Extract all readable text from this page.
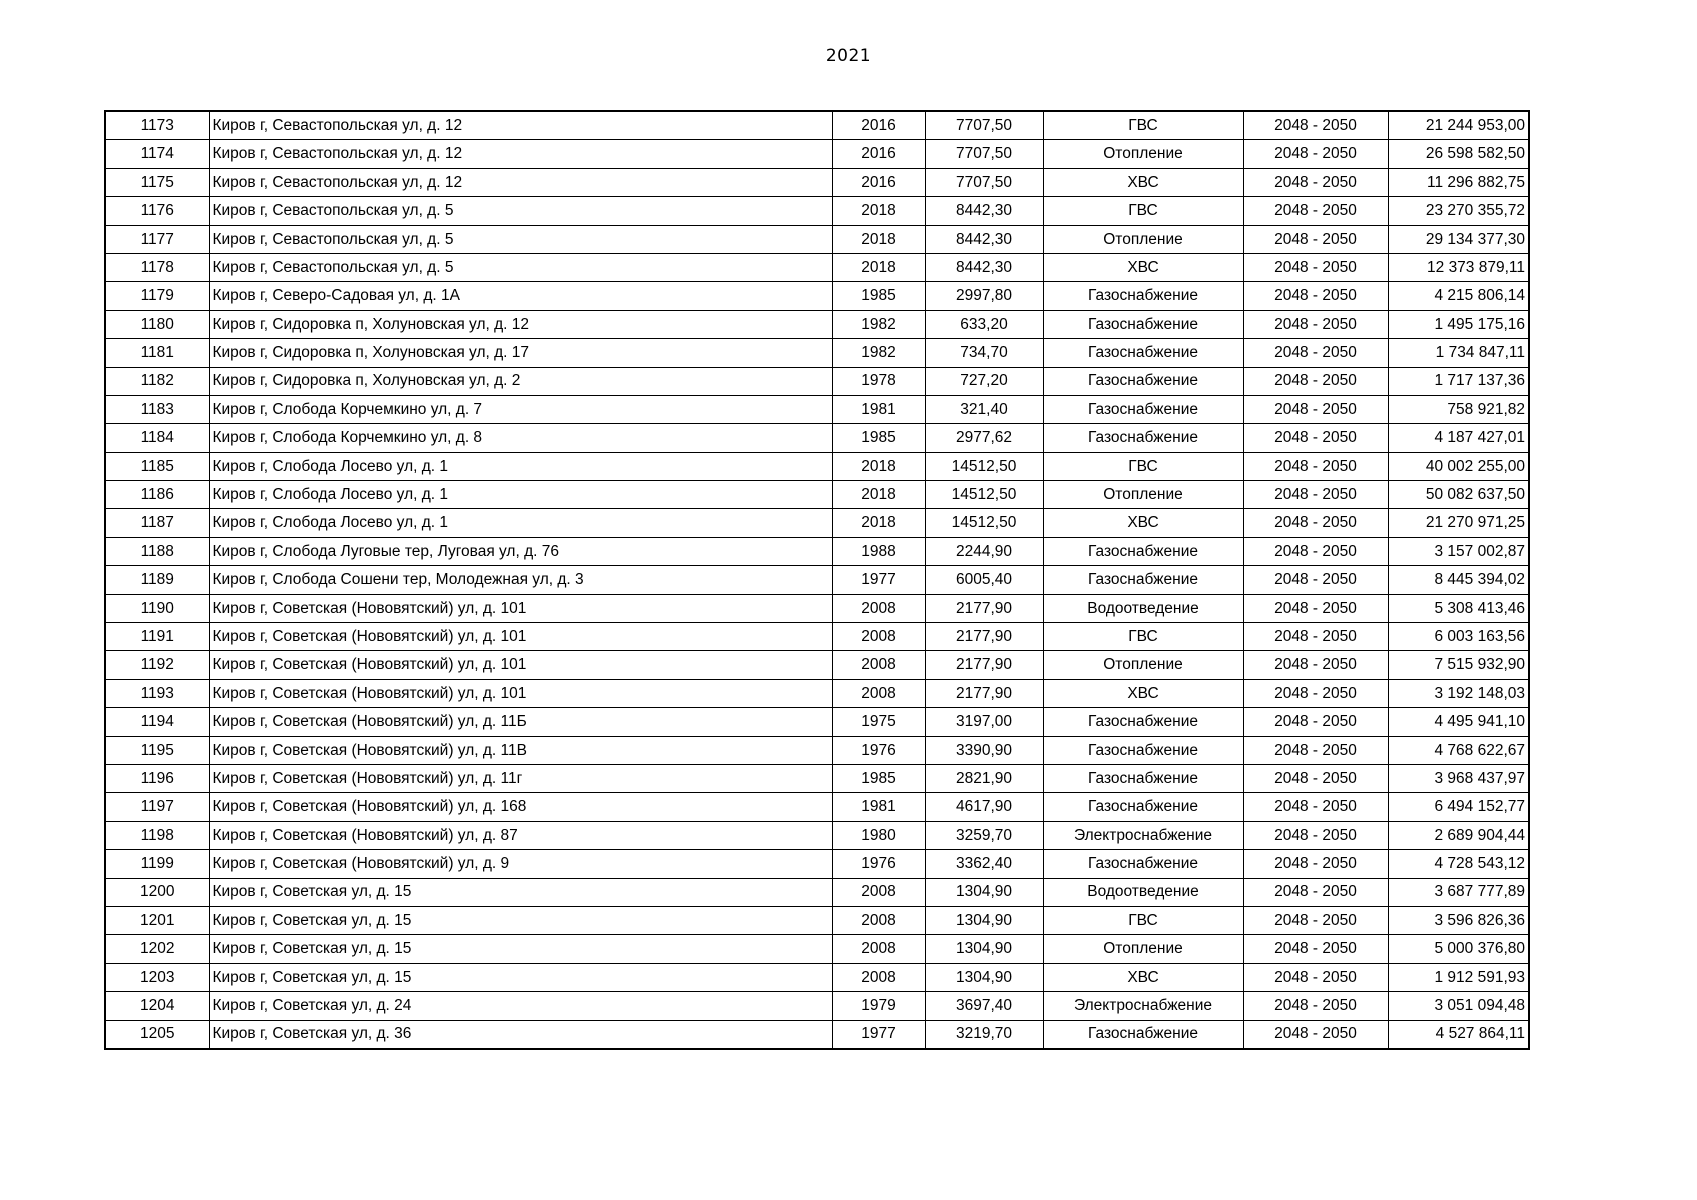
2021
1173	Киров г, Севастопольская ул, д. 12	2016	7707,50	ГВС	2048 - 2050	21 244 953,00
1174	Киров г, Севастопольская ул, д. 12	2016	7707,50	Отопление	2048 - 2050	26 598 582,50
1175	Киров г, Севастопольская ул, д. 12	2016	7707,50	ХВС	2048 - 2050	11 296 882,75
1176	Киров г, Севастопольская ул, д. 5	2018	8442,30	ГВС	2048 - 2050	23 270 355,72
1177	Киров г, Севастопольская ул, д. 5	2018	8442,30	Отопление	2048 - 2050	29 134 377,30
1178	Киров г, Севастопольская ул, д. 5	2018	8442,30	ХВС	2048 - 2050	12 373 879,11
1179	Киров г, Северо-Садовая ул, д. 1А	1985	2997,80	Газоснабжение	2048 - 2050	4 215 806,14
1180	Киров г, Сидоровка п, Холуновская ул, д. 12	1982	633,20	Газоснабжение	2048 - 2050	1 495 175,16
1181	Киров г, Сидоровка п, Холуновская ул, д. 17	1982	734,70	Газоснабжение	2048 - 2050	1 734 847,11
1182	Киров г, Сидоровка п, Холуновская ул, д. 2	1978	727,20	Газоснабжение	2048 - 2050	1 717 137,36
1183	Киров г, Слобода Корчемкино ул, д. 7	1981	321,40	Газоснабжение	2048 - 2050	758 921,82
1184	Киров г, Слобода Корчемкино ул, д. 8	1985	2977,62	Газоснабжение	2048 - 2050	4 187 427,01
1185	Киров г, Слобода Лосево ул, д. 1	2018	14512,50	ГВС	2048 - 2050	40 002 255,00
1186	Киров г, Слобода Лосево ул, д. 1	2018	14512,50	Отопление	2048 - 2050	50 082 637,50
1187	Киров г, Слобода Лосево ул, д. 1	2018	14512,50	ХВС	2048 - 2050	21 270 971,25
1188	Киров г, Слобода Луговые тер, Луговая ул, д. 76	1988	2244,90	Газоснабжение	2048 - 2050	3 157 002,87
1189	Киров г, Слобода Сошени тер, Молодежная ул, д. 3	1977	6005,40	Газоснабжение	2048 - 2050	8 445 394,02
1190	Киров г, Советская (Нововятский) ул, д. 101	2008	2177,90	Водоотведение	2048 - 2050	5 308 413,46
1191	Киров г, Советская (Нововятский) ул, д. 101	2008	2177,90	ГВС	2048 - 2050	6 003 163,56
1192	Киров г, Советская (Нововятский) ул, д. 101	2008	2177,90	Отопление	2048 - 2050	7 515 932,90
1193	Киров г, Советская (Нововятский) ул, д. 101	2008	2177,90	ХВС	2048 - 2050	3 192 148,03
1194	Киров г, Советская (Нововятский) ул, д. 11Б	1975	3197,00	Газоснабжение	2048 - 2050	4 495 941,10
1195	Киров г, Советская (Нововятский) ул, д. 11В	1976	3390,90	Газоснабжение	2048 - 2050	4 768 622,67
1196	Киров г, Советская (Нововятский) ул, д. 11г	1985	2821,90	Газоснабжение	2048 - 2050	3 968 437,97
1197	Киров г, Советская (Нововятский) ул, д. 168	1981	4617,90	Газоснабжение	2048 - 2050	6 494 152,77
1198	Киров г, Советская (Нововятский) ул, д. 87	1980	3259,70	Электроснабжение	2048 - 2050	2 689 904,44
1199	Киров г, Советская (Нововятский) ул, д. 9	1976	3362,40	Газоснабжение	2048 - 2050	4 728 543,12
1200	Киров г, Советская ул, д. 15	2008	1304,90	Водоотведение	2048 - 2050	3 687 777,89
1201	Киров г, Советская ул, д. 15	2008	1304,90	ГВС	2048 - 2050	3 596 826,36
1202	Киров г, Советская ул, д. 15	2008	1304,90	Отопление	2048 - 2050	5 000 376,80
1203	Киров г, Советская ул, д. 15	2008	1304,90	ХВС	2048 - 2050	1 912 591,93
1204	Киров г, Советская ул, д. 24	1979	3697,40	Электроснабжение	2048 - 2050	3 051 094,48
1205	Киров г, Советская ул, д. 36	1977	3219,70	Газоснабжение	2048 - 2050	4 527 864,11
